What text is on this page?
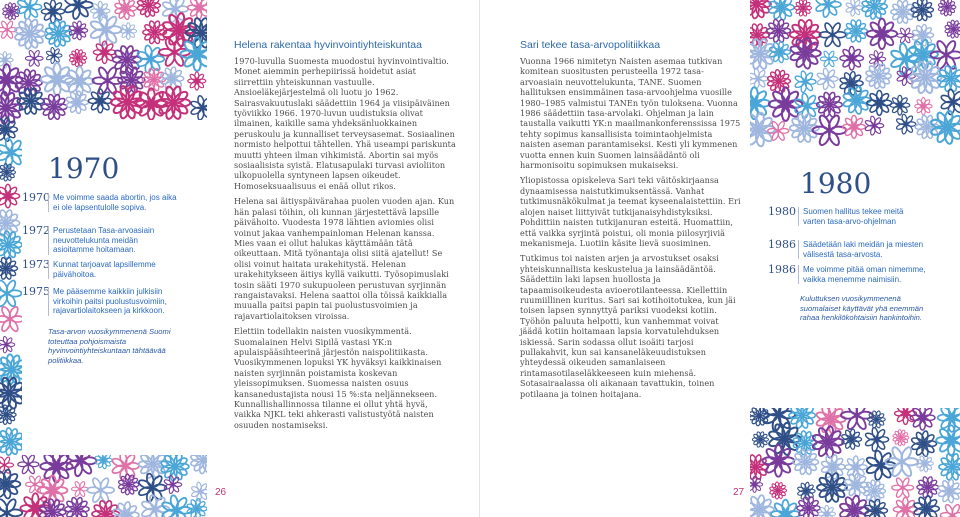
1970
1970 Me voimme saada abortin, jos aika ei ole lapsentulolle sopiva.
1972 Perustetaan Tasa-arvoasiain neuvottelukunta meidän asioitamme hoitamaan.
1973 Kunnat tarjoavat lapsillemme päivähoitoa.
1975 Me pääsemme kaikkiin julkisiin virkoihin paitsi puolustusvoimiin, rajavartiolaitokseen ja kirkkoon.
Tasa-arvon vuosikymmenenä Suomi toteuttaa pohjoismaista hyvinvointiyhteiskuntaan tähtäävää politiikkaa.
Helena rakentaa hyvinvointiyhteiskuntaa

1970-luvulla Suomesta muodostui hyvinvointivaltio. Monet aiemmin perhepiirissä hoidetut asiat siirrettiin yhteiskunnan vastuulle. Ansioeläkejärjestelmä oli luotu jo 1962. Sairasvakuutuslaki säädettiin 1964 ja viisipäiväinen työviikko 1966. 1970-luvun uudistuksia olivat ilmainen, kaikille sama yhdeksänluokkainen peruskoulu ja kunnalliset terveysasemat. Sosiaalinen normisto helpottui tähtellen. Yhä useampi pariskunta muutti yhteen ilman vihkimistä. Abortin sai myös sosiaalisista syistä. Elatusapulaki turvasi avioliiton ulkopuolella syntyneen lapsen oikeudet. Homoseksuaalisuus ei enää ollut rikos.

Helena sai äitiyspäivärahaa puolen vuoden ajan. Kun hän palasi töihin, oli kunnan järjestettävä lapsille päivähoito. Vuodesta 1978 lähtien aviomies olisi voinut jakaa vanhempainloman Helenan kanssa. Mies vaan ei ollut halukas käyttämään tätä oikeuttaan. Mitä työnantaja olisi siitä ajatellut! Se olisi voinut haitata urakehitystä. Helenan urakehitykseen äitiys kyllä vaikutti. Työsopimuslaki tosin sääti 1970 sukupuoleen perustuvan syrjinnän rangaistavaksi. Helena saattoi olla töissä kaikkialla muualla paitsi papin tai puolustusvoimien ja rajavartiolaitoksen viroissa.

Elettiin todellakin naisten vuosikymmentä. Suomalainen Helvi Sipilä vastasi YK:n apulaispääsihteerinä järjestön naispolitiikasta. Vuosikymmenen lopuksi YK hyväksyi kaikkinaisen naisten syrjinnän poistamista koskevan yleissopimuksen. Suomessa naisten osuus kansanedustajista nousi 15 %:sta neljännekseen. Kunnallishallinnossa tilanne ei ollut yhtä hyvä, vaikka NJKL teki ahkerasti valistustyötä naisten osuuden nostamiseksi.

26
Sari tekee tasa-arvopolitiikkaa

Vuonna 1966 nimitetyn Naisten asemaa tutkivan komitean suositusten perusteella 1972 tasa-arvoasiain neuvottelukunta, TANE. Suomen hallituksen ensimmäinen tasa-arvoohjelma vuosille 1980–1985 valmistui TANEn työn tuloksena. Vuonna 1986 säädettiin tasa-arvolaki. Ohjelman ja lain taustalla vaikutti YK:n maailmankonferenssissa 1975 tehty sopimus kansallisista toimintaohjelmista naisten aseman parantamiseksi. Kesti yli kymmenen vuotta ennen kuin Suomen lainsäädäntö oli harmonisoitu sopimuksen mukaiseksi.

Yliopistossa opiskeleva Sari teki väitöskirjaansa dynaamisessa naistutkimuksentässä. Vanhat tutkimusnäkökulmat ja teemat kyseenalaistettiin. Eri alojen naiset liittyivät tutkijanaisyhdistyksiksi. Pohdittiin naisten tutkijanuran esteitä. Huomattiin, että vaikka syrjintä poistui, oli monia piilosyrjiviä mekanismeja. Luotiin käsite lievä suosiminen.

Tutkimus toi naisten arjen ja arvostukset osaksi yhteiskunnallista keskustelua ja lainsäädäntöä. Säädettiin laki lapsen huollosta ja tapaamisoikeudesta avioerotilanteessa. Kiellettiin ruumiillinen kuritus. Sari sai kotihoitotukea, kun jäi toisen lapsen synnyttyä pariksi vuodeksi kotiin. Työhön paluuta helpotti, kun vanhemmat voivat jäädä kotiin hoitamaan lapsia korvatulehduksen iskiessä. Sarin sodassa ollut isoäiti tarjosi pullakahvit, kun sai kansaneläkeuudistuksen yhteydessä oikeuden samanlaiseen rintamasotilaseläkkeeseen kuin miehensä. Sotasairaalassa oli aikanaan tavattukin, toinen potilaana ja toinen hoitajana.

27
1980
1980 Suomen hallitus tekee meitä varten tasa-arvo-ohjelman
1986 Säädetään laki meidän ja miesten välisestä tasa-arvosta.
1986 Me voimme pitää oman nimemme, vaikka menemme naimisiin.
Kuluttuksen vuosikymmenenä suomalaiset käyttävät yhä enemmän rahaa henkilökohtaisiin hankintoihin.
